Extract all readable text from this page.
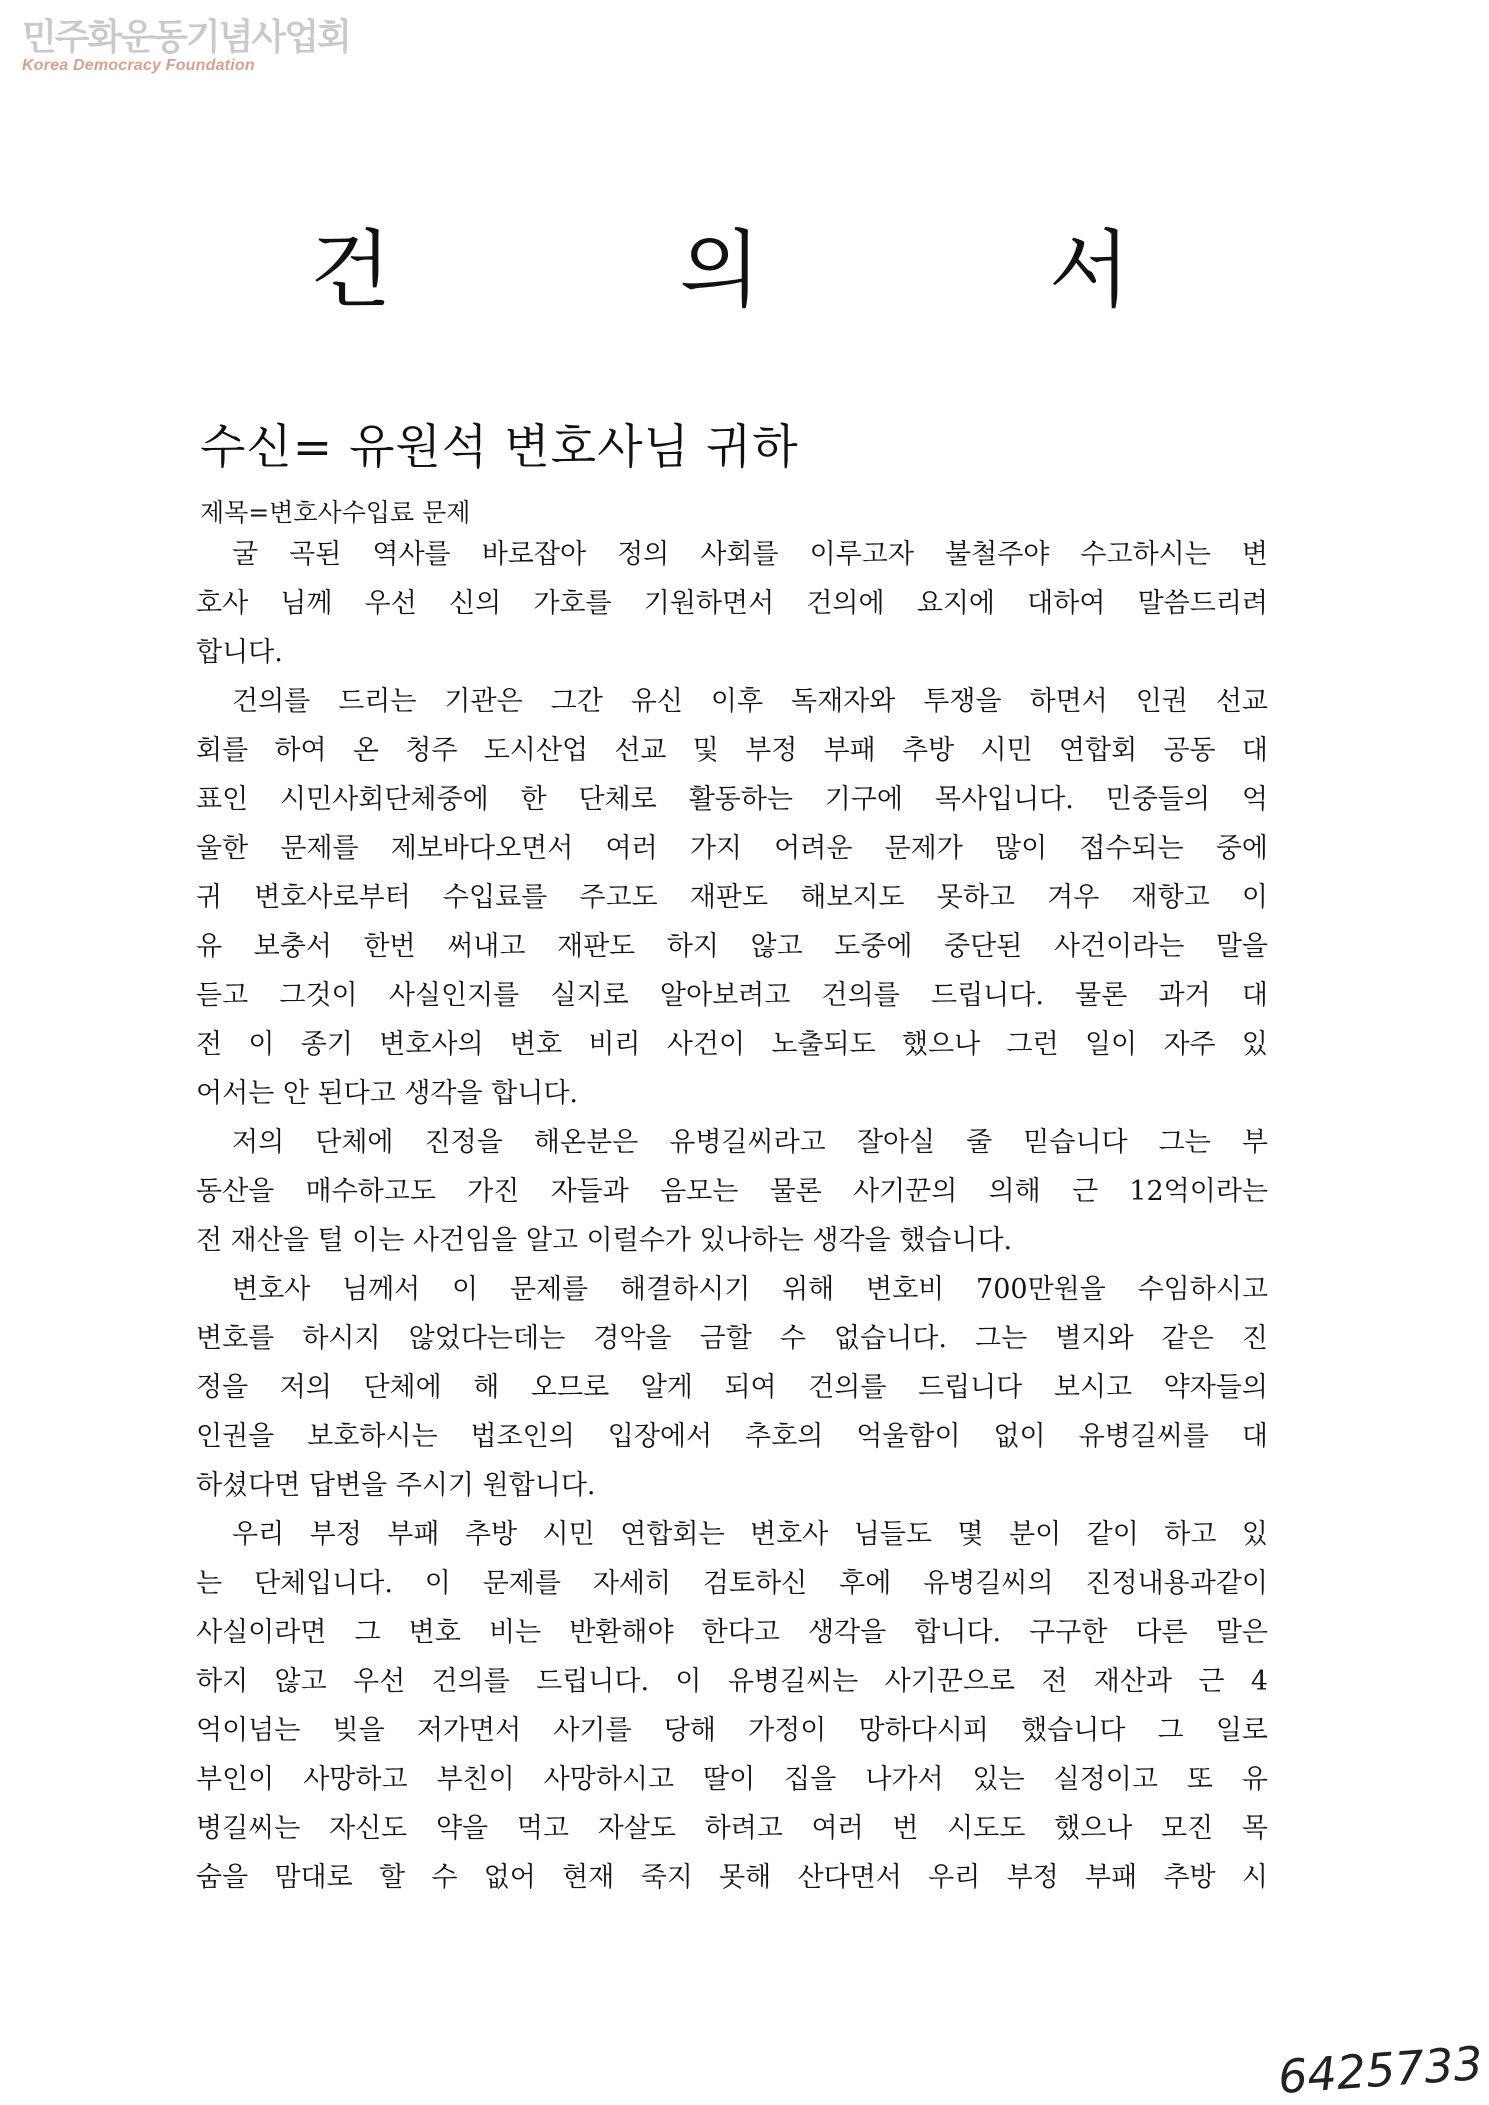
민주화운동기념사업회
Korea Democracy Foundation
건	의	서
수신= 유원석 변호사님 귀하
제목=변호사수입료 문제
굴 곡된 역사를 바로잡아 정의 사회를 이루고자 불철주야 수고하시는 변
호사 님께 우선 신의 가호를 기원하면서 건의에 요지에 대하여 말씀드리려
합니다.
건의를 드리는 기관은 그간 유신 이후 독재자와 투쟁을 하면서 인권 선교
회를 하여 온 청주 도시산업 선교 및 부정 부패 추방 시민 연합회 공동 대
표인 시민사회단체중에 한 단체로 활동하는 기구에 목사입니다. 민중들의 억
울한 문제를 제보바다오면서 여러 가지 어려운 문제가 많이 접수되는 중에
귀 변호사로부터 수입료를 주고도 재판도 해보지도 못하고 겨우 재항고 이
유 보충서 한번 써내고 재판도 하지 않고 도중에 중단된 사건이라는 말을
듣고 그것이 사실인지를 실지로 알아보려고 건의를 드립니다. 물론 과거 대
전 이 종기 변호사의 변호 비리 사건이 노출되도 했으나 그런 일이 자주 있
어서는 안 된다고 생각을 합니다.
저의 단체에 진정을 해온분은 유병길씨라고 잘아실 줄 믿습니다 그는 부
동산을 매수하고도 가진 자들과 음모는 물론 사기꾼의 의해 근 12억이라는
전 재산을 털 이는 사건임을 알고 이럴수가 있나하는 생각을 했습니다.
변호사 님께서 이 문제를 해결하시기 위해 변호비 700만원을 수임하시고
변호를 하시지 않었다는데는 경악을 금할 수 없습니다. 그는 별지와 같은 진
정을 저의 단체에 해 오므로 알게 되여 건의를 드립니다 보시고 약자들의
인권을 보호하시는 법조인의 입장에서 추호의 억울함이 없이 유병길씨를 대
하셨다면 답변을 주시기 원합니다.
우리 부정 부패 추방 시민 연합회는 변호사 님들도 몇 분이 같이 하고 있
는 단체입니다. 이 문제를 자세히 검토하신 후에 유병길씨의 진정내용과같이
사실이라면 그 변호 비는 반환해야 한다고 생각을 합니다. 구구한 다른 말은
하지 않고 우선 건의를 드립니다. 이 유병길씨는 사기꾼으로 전 재산과 근 4
억이넘는 빚을 저가면서 사기를 당해 가정이 망하다시피 했습니다 그 일로
부인이 사망하고 부친이 사망하시고 딸이 집을 나가서 있는 실정이고 또 유
병길씨는 자신도 약을 먹고 자살도 하려고 여러 번 시도도 했으나 모진 목
숨을 맘대로 할 수 없어 현재 죽지 못해 산다면서 우리 부정 부패 추방 시
6425733
